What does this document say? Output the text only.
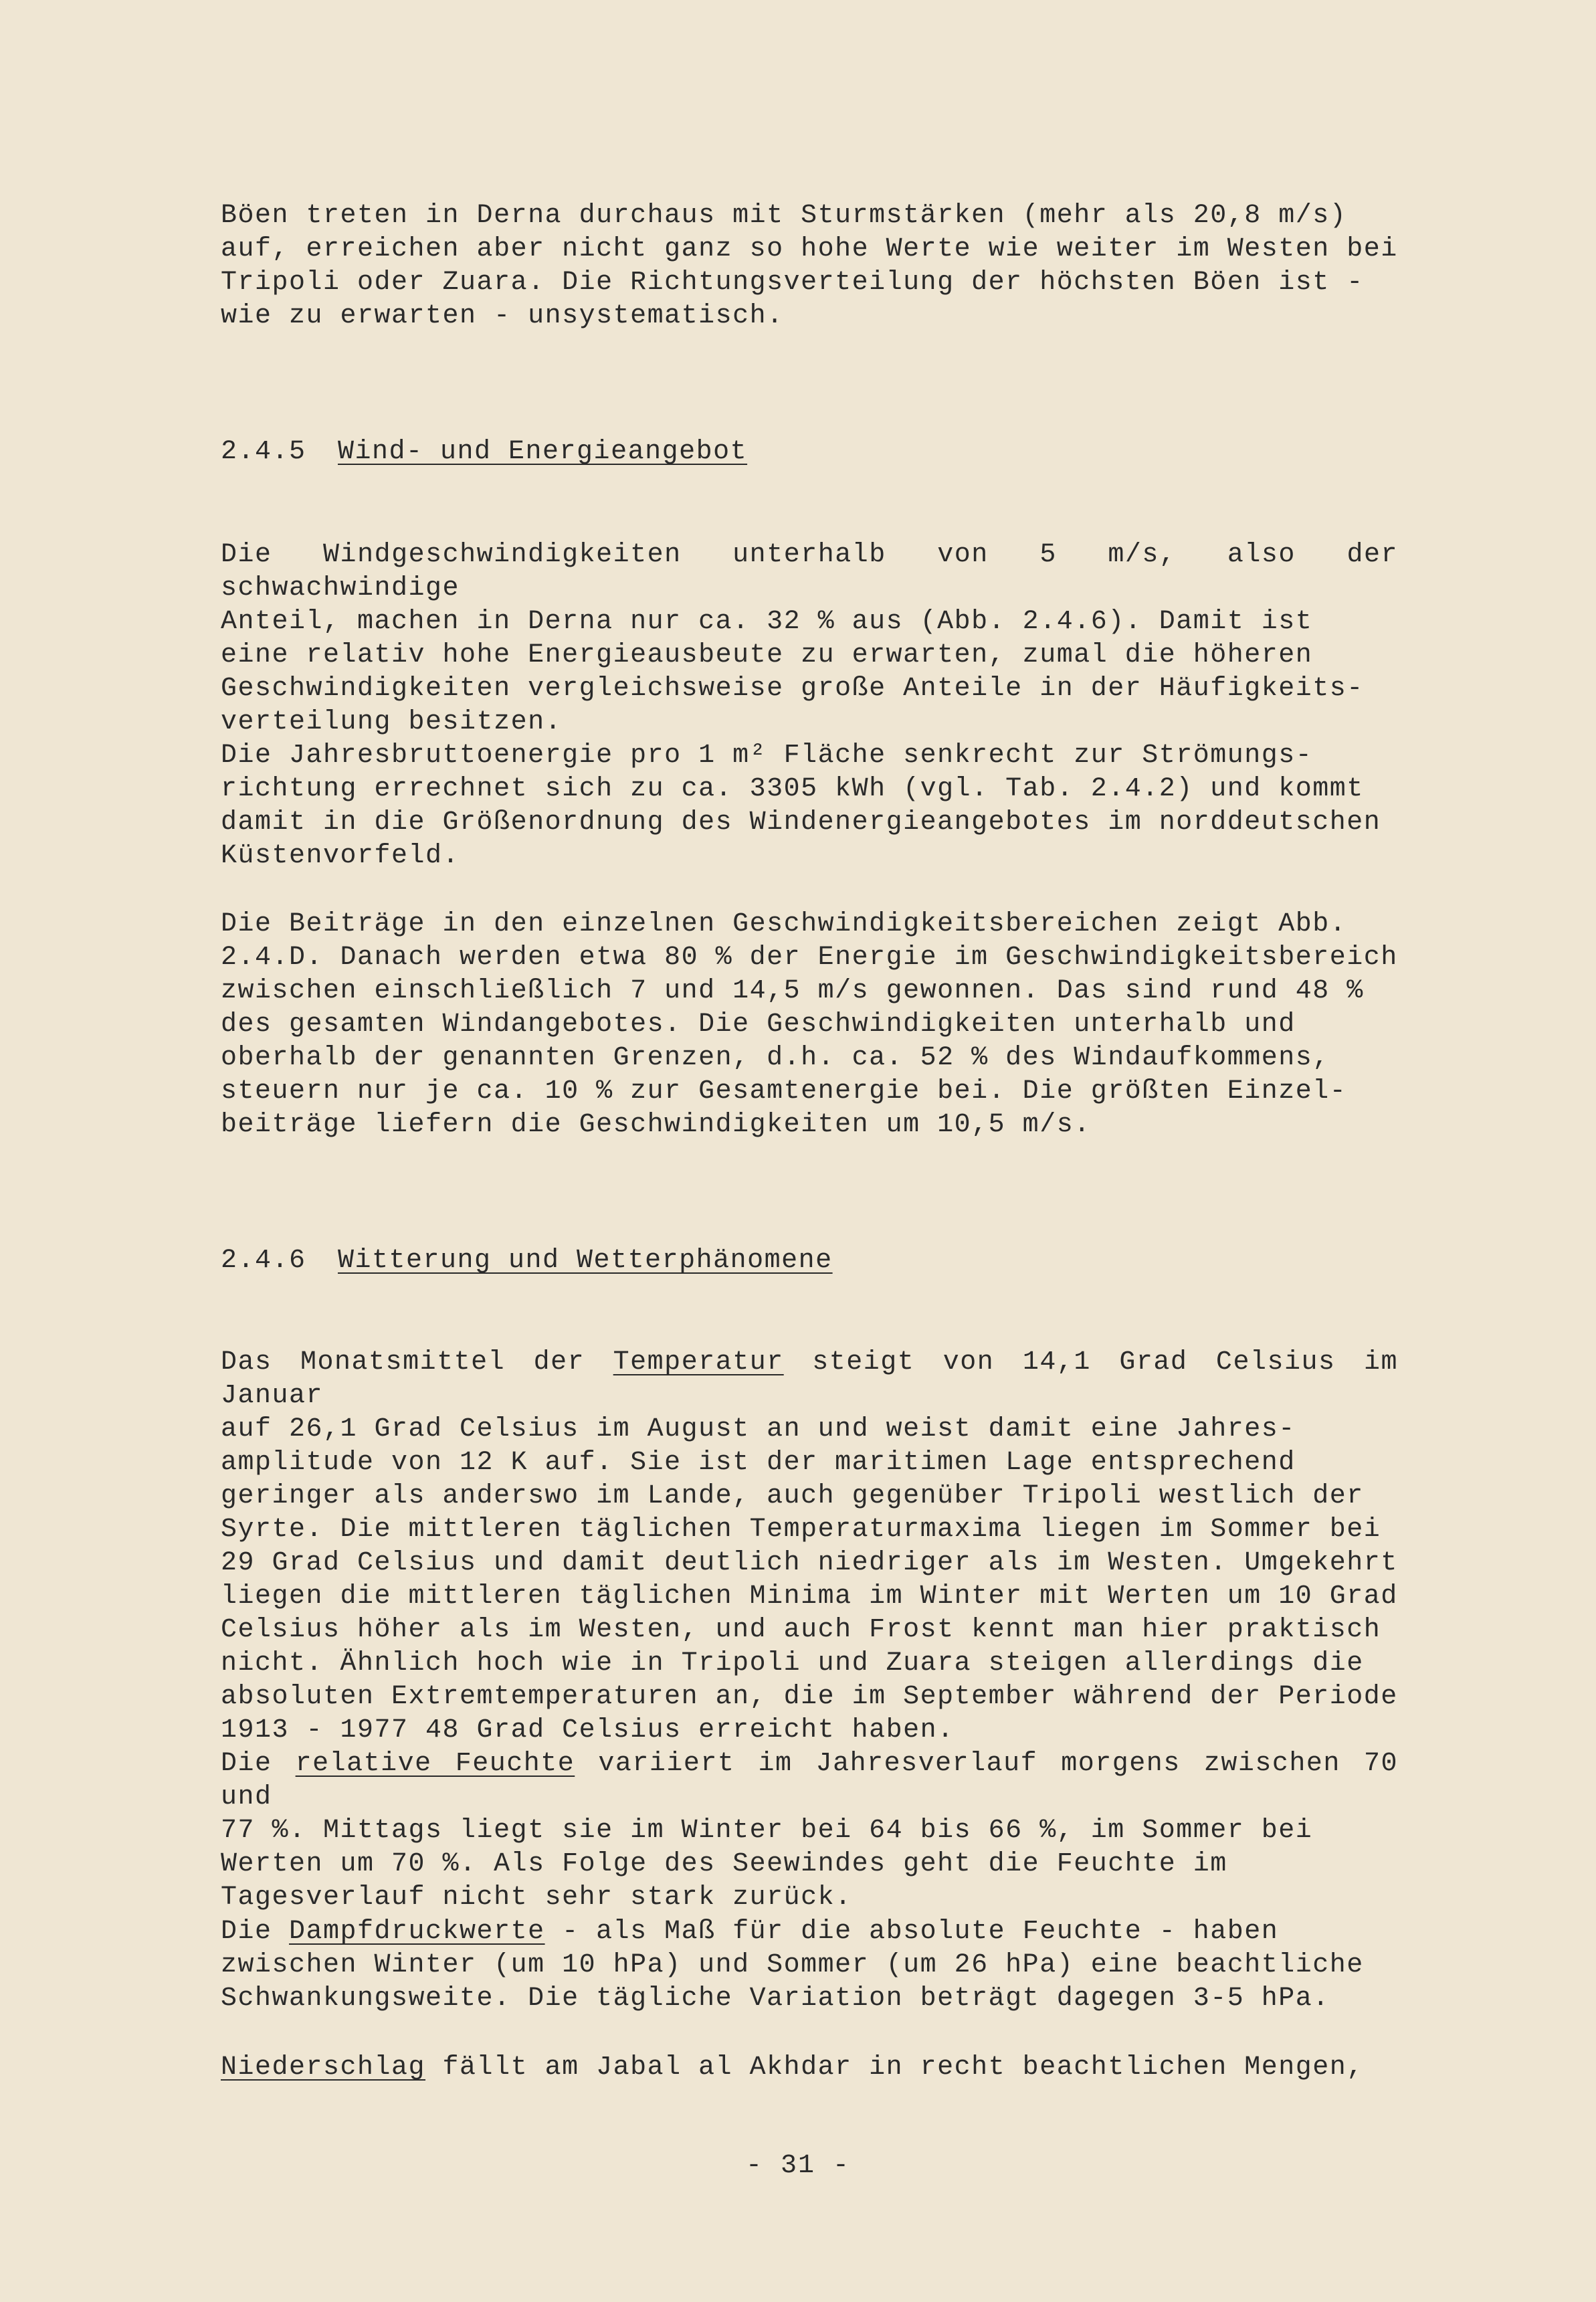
Böen treten in Derna durchaus mit Sturmstärken (mehr als 20,8 m/s)
auf, erreichen aber nicht ganz so hohe Werte wie weiter im Westen bei
Tripoli oder Zuara. Die Richtungsverteilung der höchsten Böen ist -
wie zu erwarten - unsystematisch.
2.4.5 Wind- und Energieangebot
Die Windgeschwindigkeiten unterhalb von 5 m/s, also der schwachwindige
Anteil, machen in Derna nur ca. 32 % aus (Abb. 2.4.6). Damit ist
eine relativ hohe Energieausbeute zu erwarten, zumal die höheren
Geschwindigkeiten vergleichsweise große Anteile in der Häufigkeits-
verteilung besitzen.
Die Jahresbruttoenergie pro 1 m² Fläche senkrecht zur Strömungs-
richtung errechnet sich zu ca. 3305 kWh (vgl. Tab. 2.4.2) und kommt
damit in die Größenordnung des Windenergieangebotes im norddeutschen
Küstenvorfeld.
Die Beiträge in den einzelnen Geschwindigkeitsbereichen zeigt Abb.
2.4.D. Danach werden etwa 80 % der Energie im Geschwindigkeitsbereich
zwischen einschließlich 7 und 14,5 m/s gewonnen. Das sind rund 48 %
des gesamten Windangebotes. Die Geschwindigkeiten unterhalb und
oberhalb der genannten Grenzen, d.h. ca. 52 % des Windaufkommens,
steuern nur je ca. 10 % zur Gesamtenergie bei. Die größten Einzel-
beiträge liefern die Geschwindigkeiten um 10,5 m/s.
2.4.6 Witterung und Wetterphänomene
Das Monatsmittel der Temperatur steigt von 14,1 Grad Celsius im Januar
auf 26,1 Grad Celsius im August an und weist damit eine Jahres-
amplitude von 12 K auf. Sie ist der maritimen Lage entsprechend
geringer als anderswo im Lande, auch gegenüber Tripoli westlich der
Syrte. Die mittleren täglichen Temperaturmaxima liegen im Sommer bei
29 Grad Celsius und damit deutlich niedriger als im Westen. Umgekehrt
liegen die mittleren täglichen Minima im Winter mit Werten um 10 Grad
Celsius höher als im Westen, und auch Frost kennt man hier praktisch
nicht. Ähnlich hoch wie in Tripoli und Zuara steigen allerdings die
absoluten Extremtemperaturen an, die im September während der Periode
1913 - 1977 48 Grad Celsius erreicht haben.
Die relative Feuchte variiert im Jahresverlauf morgens zwischen 70 und
77 %. Mittags liegt sie im Winter bei 64 bis 66 %, im Sommer bei
Werten um 70 %. Als Folge des Seewindes geht die Feuchte im
Tagesverlauf nicht sehr stark zurück.
Die Dampfdruckwerte - als Maß für die absolute Feuchte - haben
zwischen Winter (um 10 hPa) und Sommer (um 26 hPa) eine beachtliche
Schwankungsweite. Die tägliche Variation beträgt dagegen 3-5 hPa.
Niederschlag fällt am Jabal al Akhdar in recht beachtlichen Mengen,
- 31 -
